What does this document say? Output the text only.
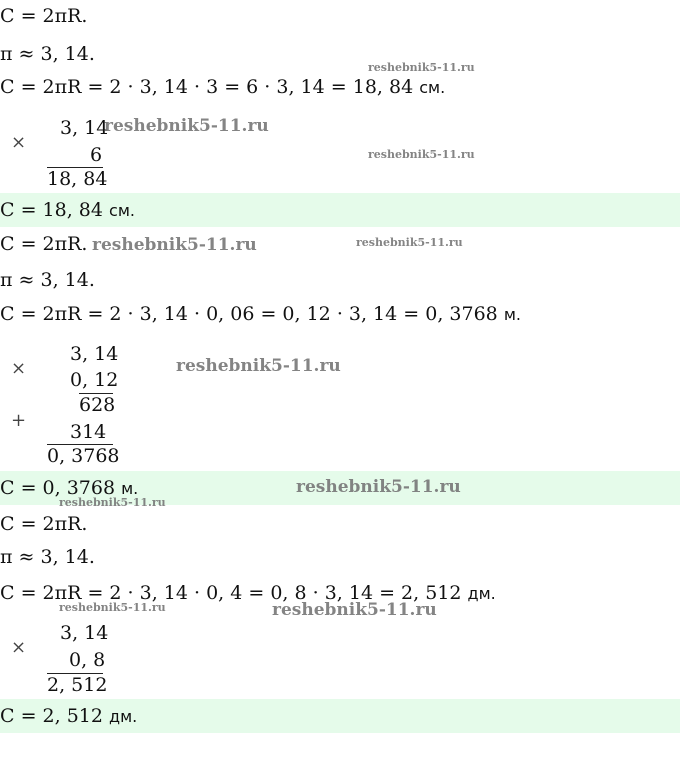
C = 2πR.
π ≈ 3, 14.
C = 2πR = 2 · 3, 14 · 3 = 6 · 3, 14 = 18, 84 см.
×
3, 14
6
18, 84
C = 18, 84 см.
C = 2πR.
π ≈ 3, 14.
C = 2πR = 2 · 3, 14 · 0, 06 = 0, 12 · 3, 14 = 0, 3768 м.
×
3, 14
0, 12
628
+
314
0, 3768
C = 0, 3768 м.
C = 2πR.
π ≈ 3, 14.
C = 2πR = 2 · 3, 14 · 0, 4 = 0, 8 · 3, 14 = 2, 512 дм.
×
3, 14
0, 8
2, 512
C = 2, 512 дм.
reshebnik5-11.ru
reshebnik5-11.ru
reshebnik5-11.ru
reshebnik5-11.ru	reshebnik5-11.ru
reshebnik5-11.ru
reshebnik5-11.ru
reshebnik5-11.ru
reshebnik5-11.ru	reshebnik5-11.ru
